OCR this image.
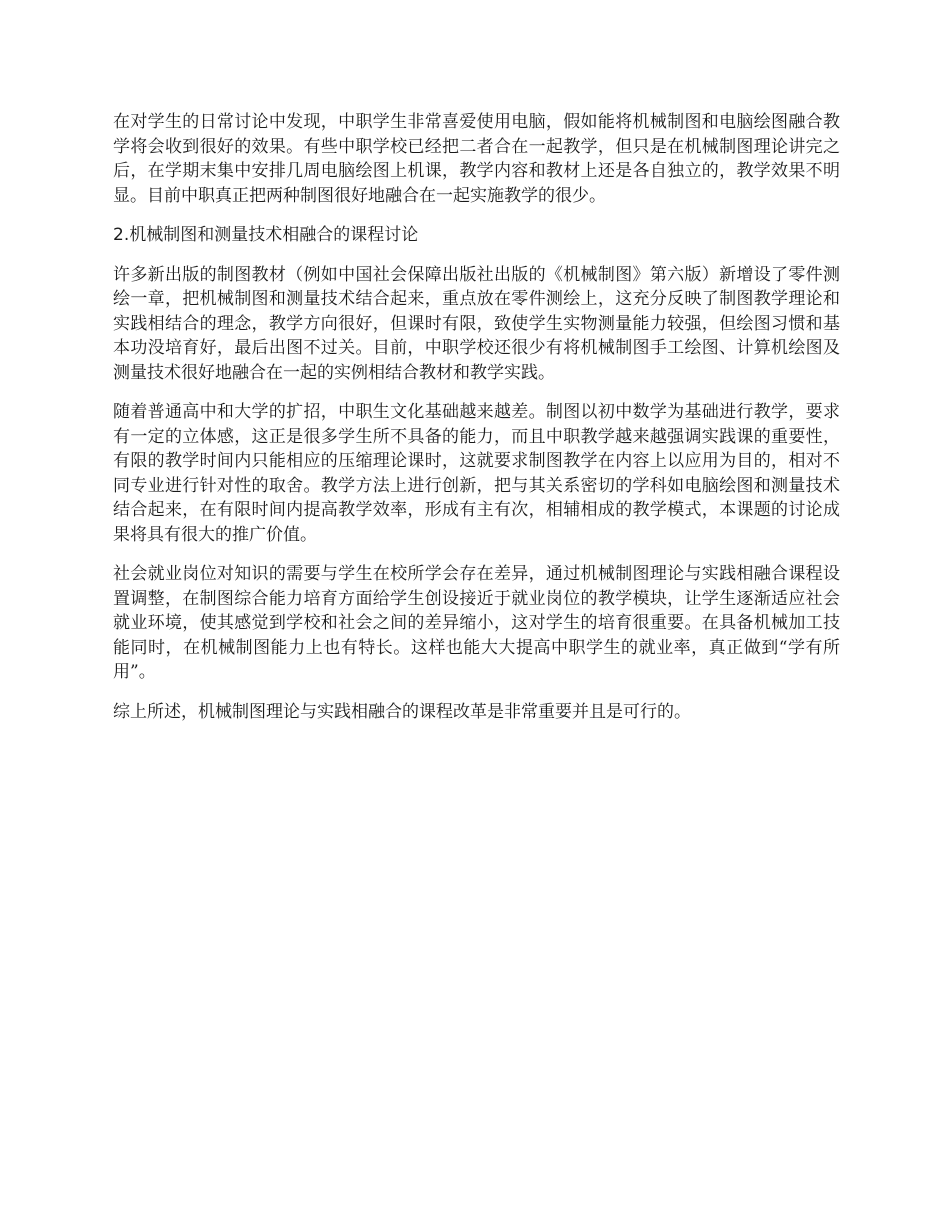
在对学生的日常讨论中发现，中职学生非常喜爱使用电脑，假如能将机械制图和电脑绘图融合教学将会收到很好的效果。有些中职学校已经把二者合在一起教学，但只是在机械制图理论讲完之后，在学期末集中安排几周电脑绘图上机课，教学内容和教材上还是各自独立的，教学效果不明显。目前中职真正把两种制图很好地融合在一起实施教学的很少。

2.机械制图和测量技术相融合的课程讨论

许多新出版的制图教材（例如中国社会保障出版社出版的《机械制图》第六版）新增设了零件测绘一章，把机械制图和测量技术结合起来，重点放在零件测绘上，这充分反映了制图教学理论和实践相结合的理念，教学方向很好，但课时有限，致使学生实物测量能力较强，但绘图习惯和基本功没培育好，最后出图不过关。目前，中职学校还很少有将机械制图手工绘图、计算机绘图及测量技术很好地融合在一起的实例相结合教材和教学实践。

随着普通高中和大学的扩招，中职生文化基础越来越差。制图以初中数学为基础进行教学，要求有一定的立体感，这正是很多学生所不具备的能力，而且中职教学越来越强调实践课的重要性，有限的教学时间内只能相应的压缩理论课时，这就要求制图教学在内容上以应用为目的，相对不同专业进行针对性的取舍。教学方法上进行创新，把与其关系密切的学科如电脑绘图和测量技术结合起来，在有限时间内提高教学效率，形成有主有次，相辅相成的教学模式，本课题的讨论成果将具有很大的推广价值。

社会就业岗位对知识的需要与学生在校所学会存在差异，通过机械制图理论与实践相融合课程设置调整，在制图综合能力培育方面给学生创设接近于就业岗位的教学模块，让学生逐渐适应社会就业环境，使其感觉到学校和社会之间的差异缩小，这对学生的培育很重要。在具备机械加工技能同时，在机械制图能力上也有特长。这样也能大大提高中职学生的就业率，真正做到“学有所用”。

综上所述，机械制图理论与实践相融合的课程改革是非常重要并且是可行的。
